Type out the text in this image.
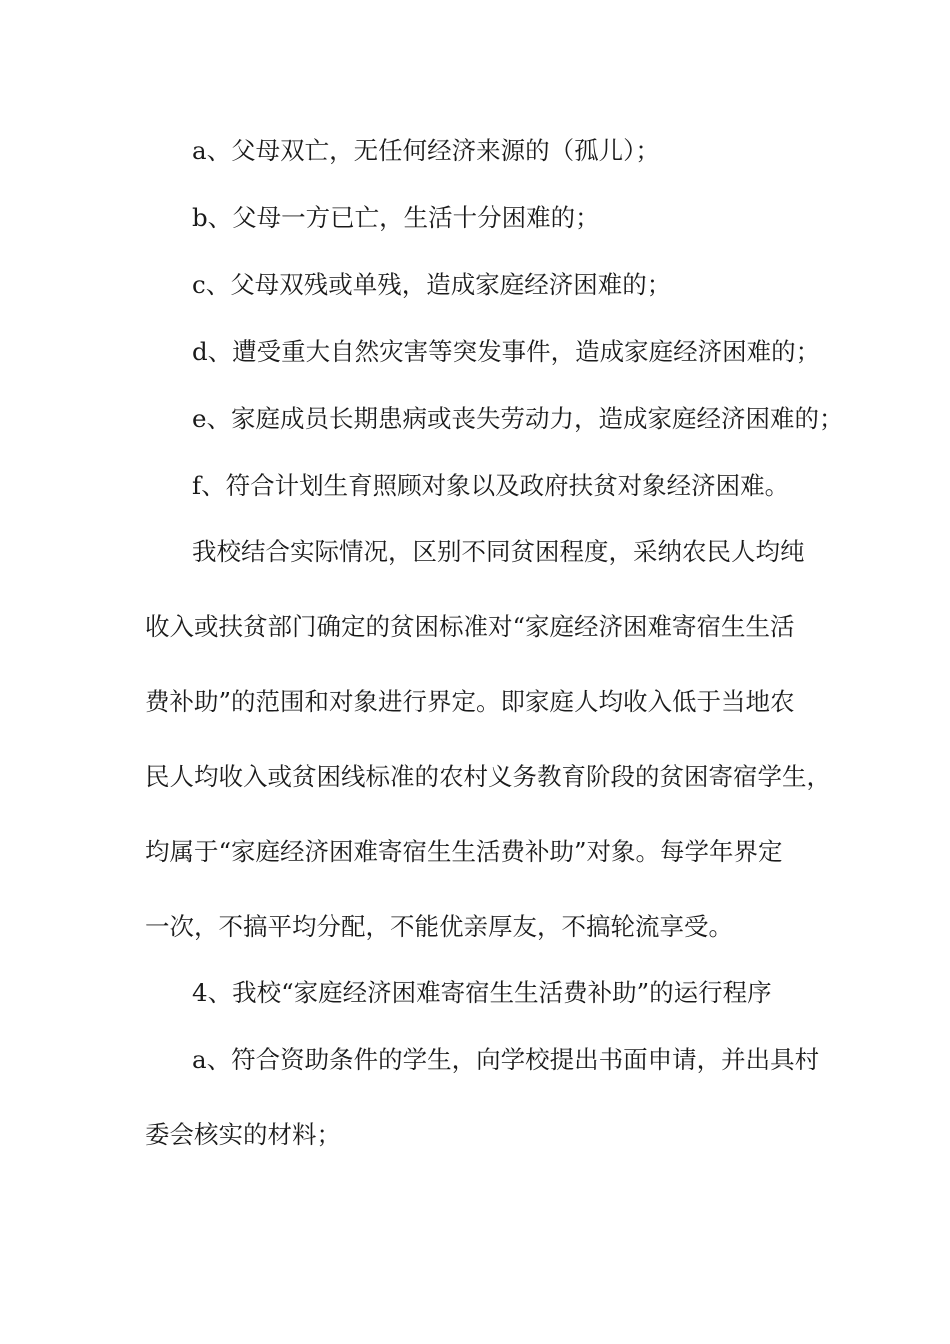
a、父母双亡，无任何经济来源的（孤儿）；
b、父母一方已亡，生活十分困难的；
c、父母双残或单残，造成家庭经济困难的；
d、遭受重大自然灾害等突发事件，造成家庭经济困难的；
e、家庭成员长期患病或丧失劳动力，造成家庭经济困难的；
f、符合计划生育照顾对象以及政府扶贫对象经济困难。
我校结合实际情况，区别不同贫困程度，采纳农民人均纯
收入或扶贫部门确定的贫困标准对“家庭经济困难寄宿生生活
费补助”的范围和对象进行界定。即家庭人均收入低于当地农
民人均收入或贫困线标准的农村义务教育阶段的贫困寄宿学生，
均属于“家庭经济困难寄宿生生活费补助”对象。每学年界定
一次，不搞平均分配，不能优亲厚友，不搞轮流享受。
4、我校“家庭经济困难寄宿生生活费补助”的运行程序
a、符合资助条件的学生，向学校提出书面申请，并出具村
委会核实的材料；
